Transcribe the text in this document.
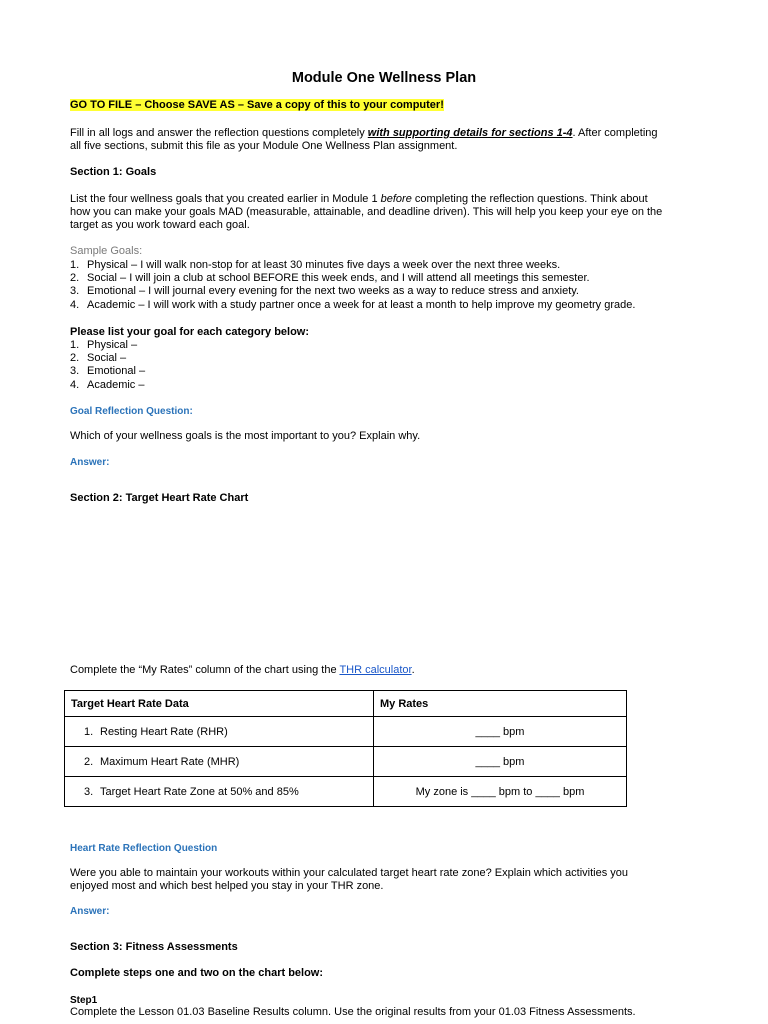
Module One Wellness Plan

GO TO FILE – Choose SAVE AS – Save a copy of this to your computer!

Fill in all logs and answer the reflection questions completely with supporting details for sections 1-4. After completing

all five sections, submit this file as your Module One Wellness Plan assignment.

Section 1: Goals

List the four wellness goals that you created earlier in Module 1 before completing the reflection questions. Think about

how you can make your goals MAD (measurable, attainable, and deadline driven). This will help you keep your eye on the

target as you work toward each goal.

Sample Goals:

1. Physical – I will walk non-stop for at least 30 minutes five days a week over the next three weeks.
2. Social – I will join a club at school BEFORE this week ends, and I will attend all meetings this semester.
3. Emotional – I will journal every evening for the next two weeks as a way to reduce stress and anxiety.
4. Academic – I will work with a study partner once a week for at least a month to help improve my geometry grade.

Please list your goal for each category below:

1. Physical –
2. Social –
3. Emotional –
4. Academic –

Goal Reflection Question:

Which of your wellness goals is the most important to you? Explain why.

Answer:

Section 2: Target Heart Rate Chart

Complete the “My Rates” column of the chart using the THR calculator.

Target Heart Rate Data	My Rates
1. Resting Heart Rate (RHR)	____ bpm
2. Maximum Heart Rate (MHR)	____ bpm
3. Target Heart Rate Zone at 50% and 85%	My zone is ____ bpm to ____ bpm

Heart Rate Reflection Question

Were you able to maintain your workouts within your calculated target heart rate zone? Explain which activities you

enjoyed most and which best helped you stay in your THR zone.

Answer:

Section 3: Fitness Assessments

Complete steps one and two on the chart below:

Step1

Complete the Lesson 01.03 Baseline Results column. Use the original results from your 01.03 Fitness Assessments.
